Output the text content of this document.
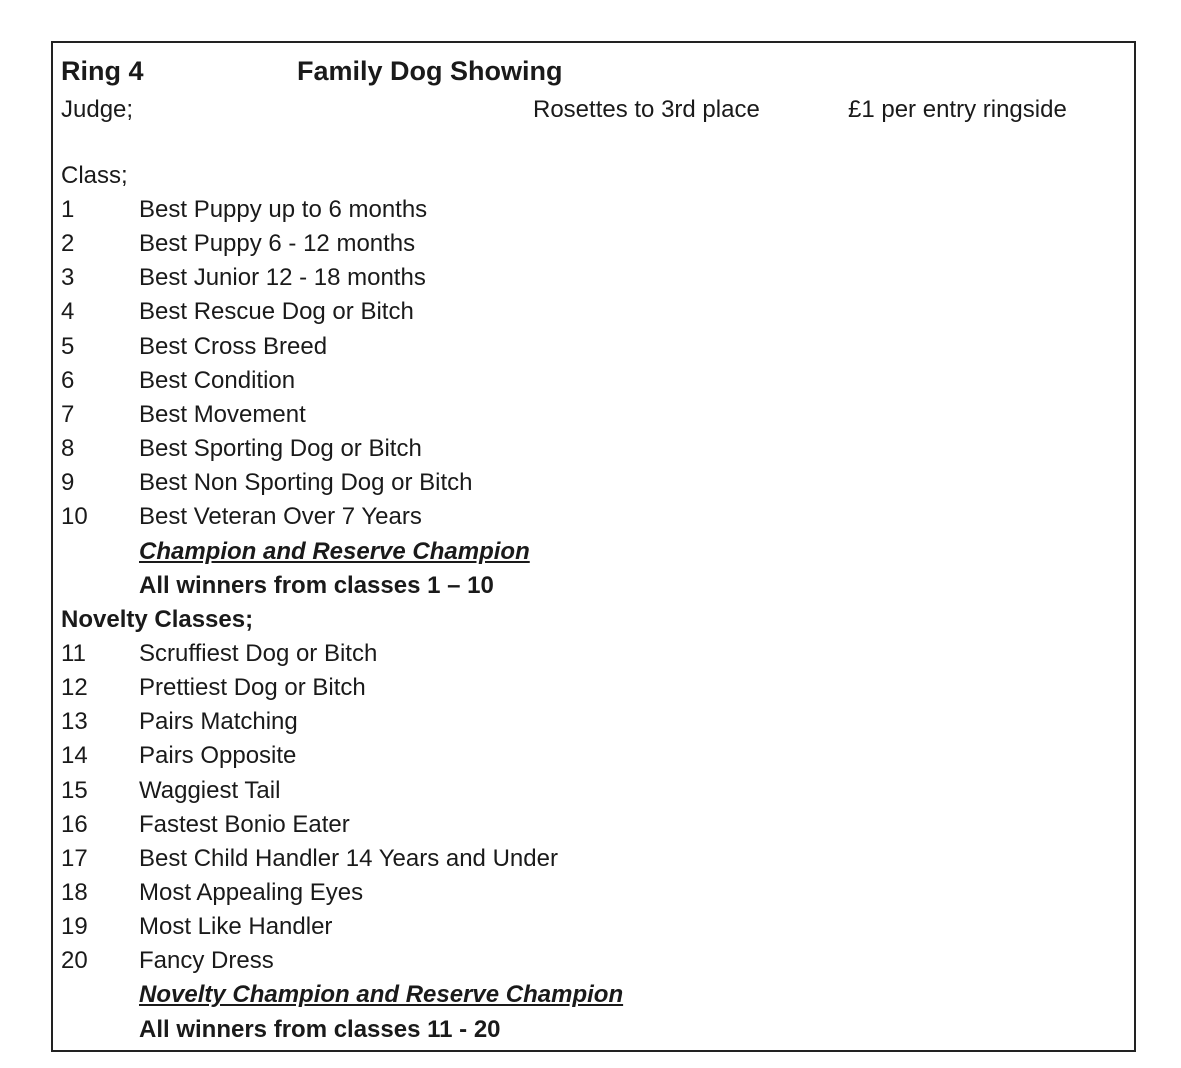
Ring 4	Family Dog Showing
Judge;	Rosettes to 3rd place	£1 per entry ringside
Class;
1	Best Puppy up to 6 months
2	Best Puppy 6 - 12 months
3	Best Junior 12 - 18 months
4	Best Rescue Dog or Bitch
5	Best Cross Breed
6	Best Condition
7	Best Movement
8	Best Sporting Dog or Bitch
9	Best Non Sporting Dog or Bitch
10 Best Veteran Over 7 Years
Champion and Reserve Champion
All winners from classes 1 – 10
Novelty Classes;
11 Scruffiest Dog or Bitch
12 Prettiest Dog or Bitch
13 Pairs Matching
14 Pairs Opposite
15 Waggiest Tail
16 Fastest Bonio Eater
17 Best Child Handler 14 Years and Under
18 Most Appealing Eyes
19 Most Like Handler
20 Fancy Dress
Novelty Champion and Reserve Champion
All winners from classes 11 - 20
